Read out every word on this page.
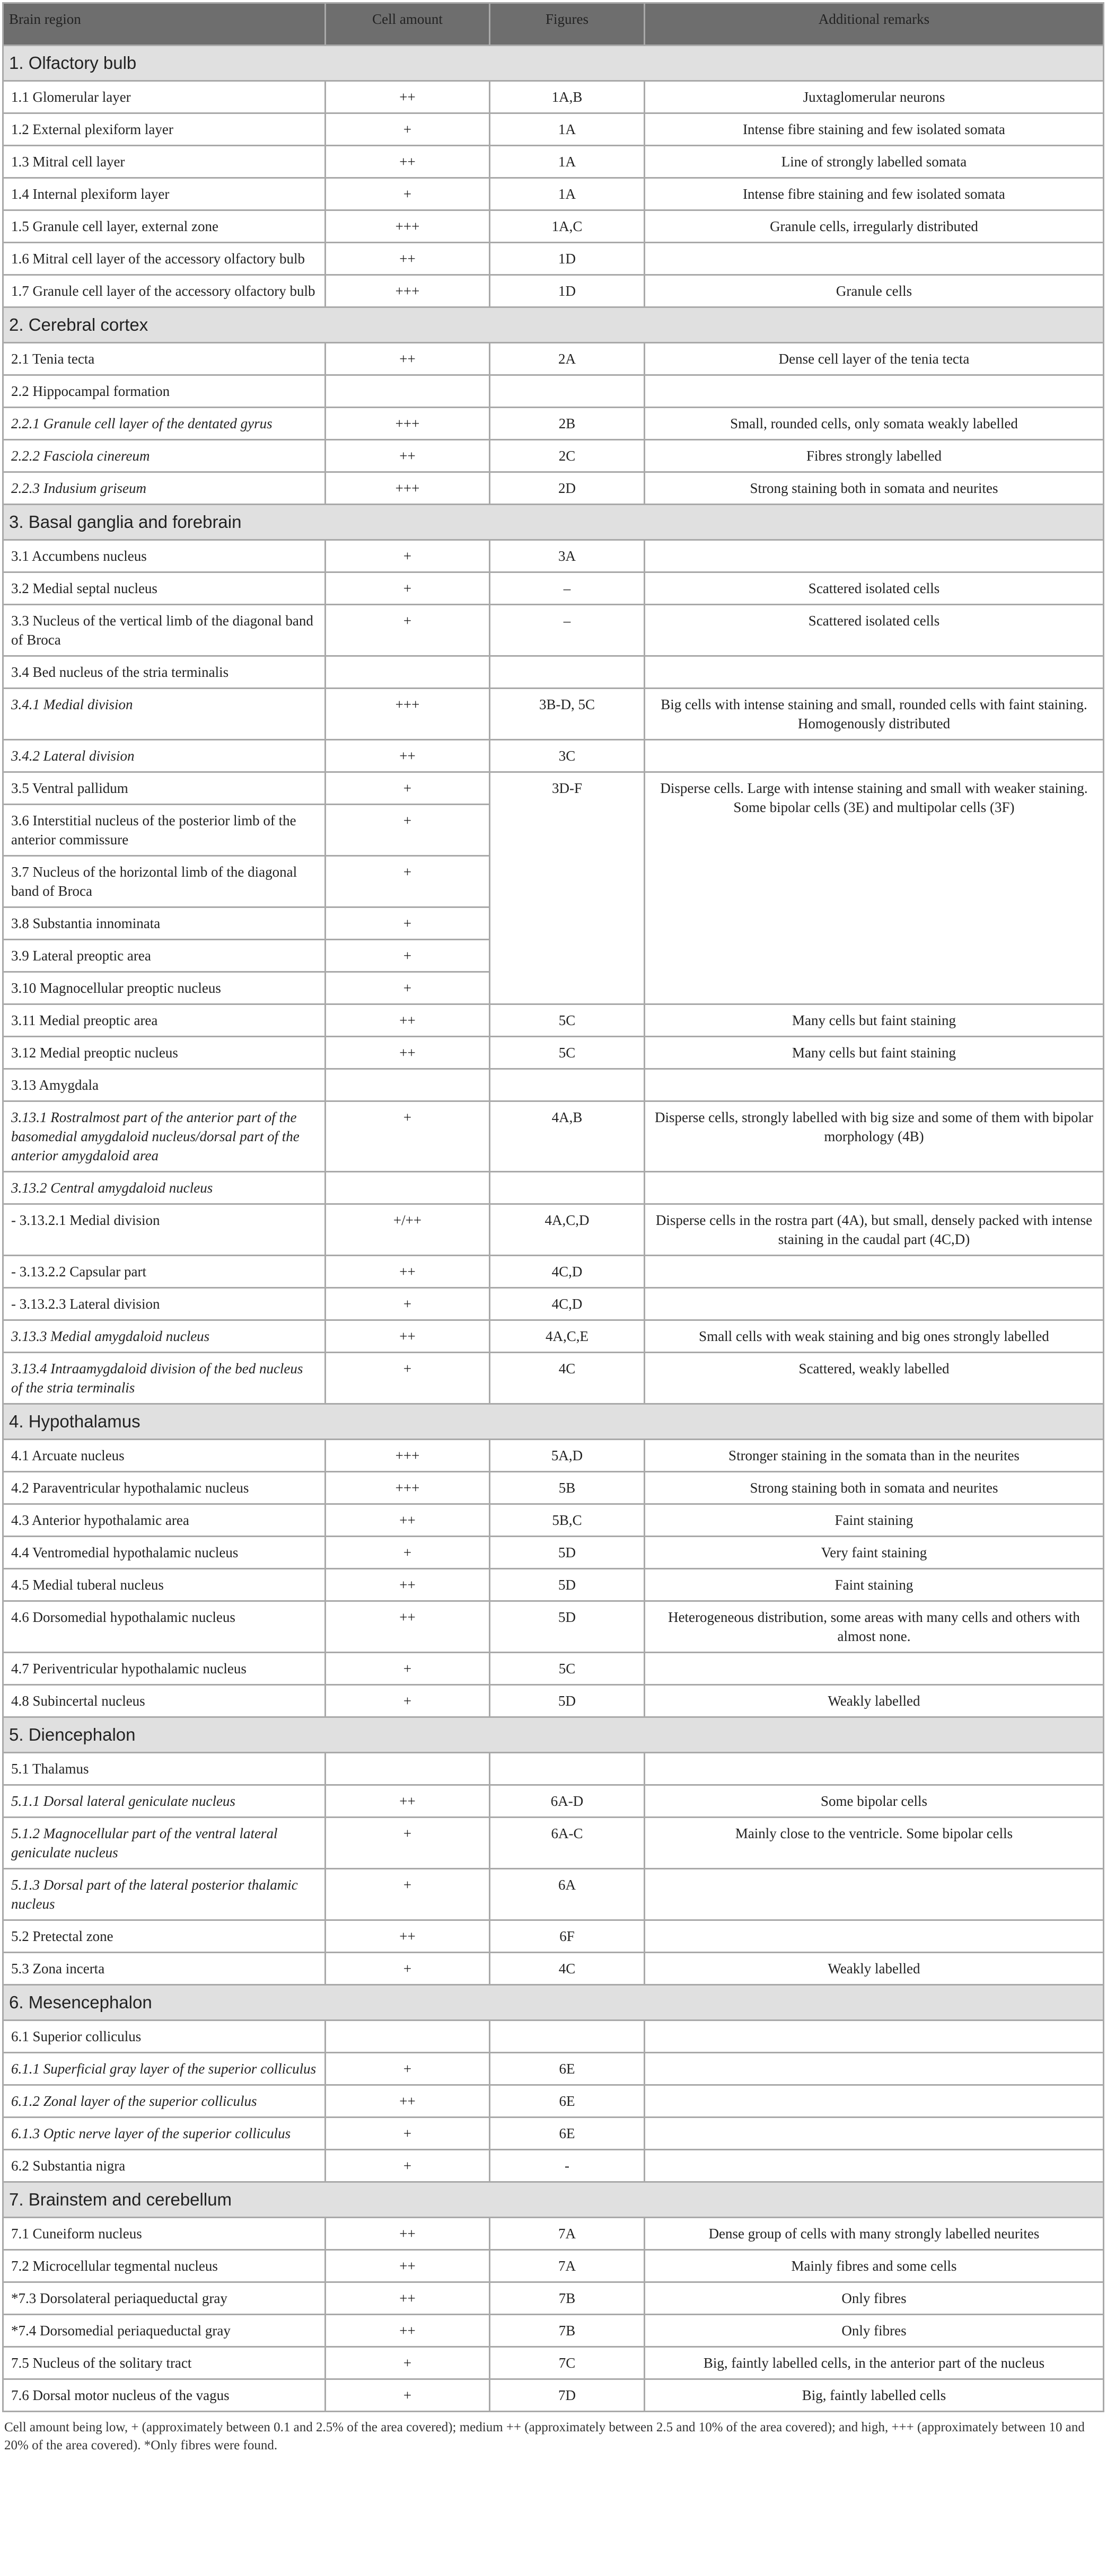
Brain region	Cell amount	Figures	Additional remarks
1. Olfactory bulb			
1.1 Glomerular layer	++	1A,B	Juxtaglomerular neurons
1.2 External plexiform layer	+	1A	Intense fibre staining and few isolated somata
1.3 Mitral cell layer	++	1A	Line of strongly labelled somata
1.4 Internal plexiform layer	+	1A	Intense fibre staining and few isolated somata
1.5 Granule cell layer, external zone	+++	1A,C	Granule cells, irregularly distributed
1.6 Mitral cell layer of the accessory olfactory bulb	++	1D	
1.7 Granule cell layer of the accessory olfactory bulb	+++	1D	Granule cells
2. Cerebral cortex			
2.1 Tenia tecta	++	2A	Dense cell layer of the tenia tecta
2.2 Hippocampal formation			
2.2.1 Granule cell layer of the dentated gyrus	+++	2B	Small, rounded cells, only somata weakly labelled
2.2.2 Fasciola cinereum	++	2C	Fibres strongly labelled
2.2.3 Indusium griseum	+++	2D	Strong staining both in somata and neurites
3. Basal ganglia and forebrain			
3.1 Accumbens nucleus	+	3A	
3.2 Medial septal nucleus	+	–	Scattered isolated cells
3.3 Nucleus of the vertical limb of the diagonal band of Broca	+	–	Scattered isolated cells
3.4 Bed nucleus of the stria terminalis			
3.4.1 Medial division	+++	3B-D, 5C	Big cells with intense staining and small, rounded cells with faint staining. Homogenously distributed
3.4.2 Lateral division	++	3C	
3.5 Ventral pallidum	+	3D-F	Disperse cells. Large with intense staining and small with weaker staining. Some bipolar cells (3E) and multipolar cells (3F)
3.6 Interstitial nucleus of the posterior limb of the anterior commissure	+		
3.7 Nucleus of the horizontal limb of the diagonal band of Broca	+		
3.8 Substantia innominata	+		
3.9 Lateral preoptic area	+		
3.10 Magnocellular preoptic nucleus	+		
3.11 Medial preoptic area	++	5C	Many cells but faint staining
3.12 Medial preoptic nucleus	++	5C	Many cells but faint staining
3.13 Amygdala			
3.13.1 Rostralmost part of the anterior part of the basomedial amygdaloid nucleus/dorsal part of the anterior amygdaloid area	+	4A,B	Disperse cells, strongly labelled with big size and some of them with bipolar morphology (4B)
3.13.2 Central amygdaloid nucleus			
- 3.13.2.1 Medial division	+/++	4A,C,D	Disperse cells in the rostra part (4A), but small, densely packed with intense staining in the caudal part (4C,D)
- 3.13.2.2 Capsular part	++	4C,D	
- 3.13.2.3 Lateral division	+	4C,D	
3.13.3 Medial amygdaloid nucleus	++	4A,C,E	Small cells with weak staining and big ones strongly labelled
3.13.4 Intraamygdaloid division of the bed nucleus of the stria terminalis	+	4C	Scattered, weakly labelled
4. Hypothalamus			
4.1 Arcuate nucleus	+++	5A,D	Stronger staining in the somata than in the neurites
4.2 Paraventricular hypothalamic nucleus	+++	5B	Strong staining both in somata and neurites
4.3 Anterior hypothalamic area	++	5B,C	Faint staining
4.4 Ventromedial hypothalamic nucleus	+	5D	Very faint staining
4.5 Medial tuberal nucleus	++	5D	Faint staining
4.6 Dorsomedial hypothalamic nucleus	++	5D	Heterogeneous distribution, some areas with many cells and others with almost none.
4.7 Periventricular hypothalamic nucleus	+	5C	
4.8 Subincertal nucleus	+	5D	Weakly labelled
5. Diencephalon			
5.1 Thalamus			
5.1.1 Dorsal lateral geniculate nucleus	++	6A-D	Some bipolar cells
5.1.2 Magnocellular part of the ventral lateral geniculate nucleus	+	6A-C	Mainly close to the ventricle. Some bipolar cells
5.1.3 Dorsal part of the lateral posterior thalamic nucleus	+	6A	
5.2 Pretectal zone	++	6F	
5.3 Zona incerta	+	4C	Weakly labelled
6. Mesencephalon			
6.1 Superior colliculus			
6.1.1 Superficial gray layer of the superior colliculus	+	6E	
6.1.2 Zonal layer of the superior colliculus	++	6E	
6.1.3 Optic nerve layer of the superior colliculus	+	6E	
6.2 Substantia nigra	+	-	
7. Brainstem and cerebellum			
7.1 Cuneiform nucleus	++	7A	Dense group of cells with many strongly labelled neurites
7.2 Microcellular tegmental nucleus	++	7A	Mainly fibres and some cells
*7.3 Dorsolateral periaqueductal gray	++	7B	Only fibres
*7.4 Dorsomedial periaqueductal gray	++	7B	Only fibres
7.5 Nucleus of the solitary tract	+	7C	Big, faintly labelled cells, in the anterior part of the nucleus
7.6 Dorsal motor nucleus of the vagus	+	7D	Big, faintly labelled cells
Cell amount being low, + (approximately between 0.1 and 2.5% of the area covered); medium ++ (approximately between 2.5 and 10% of the area covered); and high, +++ (approximately between 10 and 20% of the area covered). *Only fibres were found.
